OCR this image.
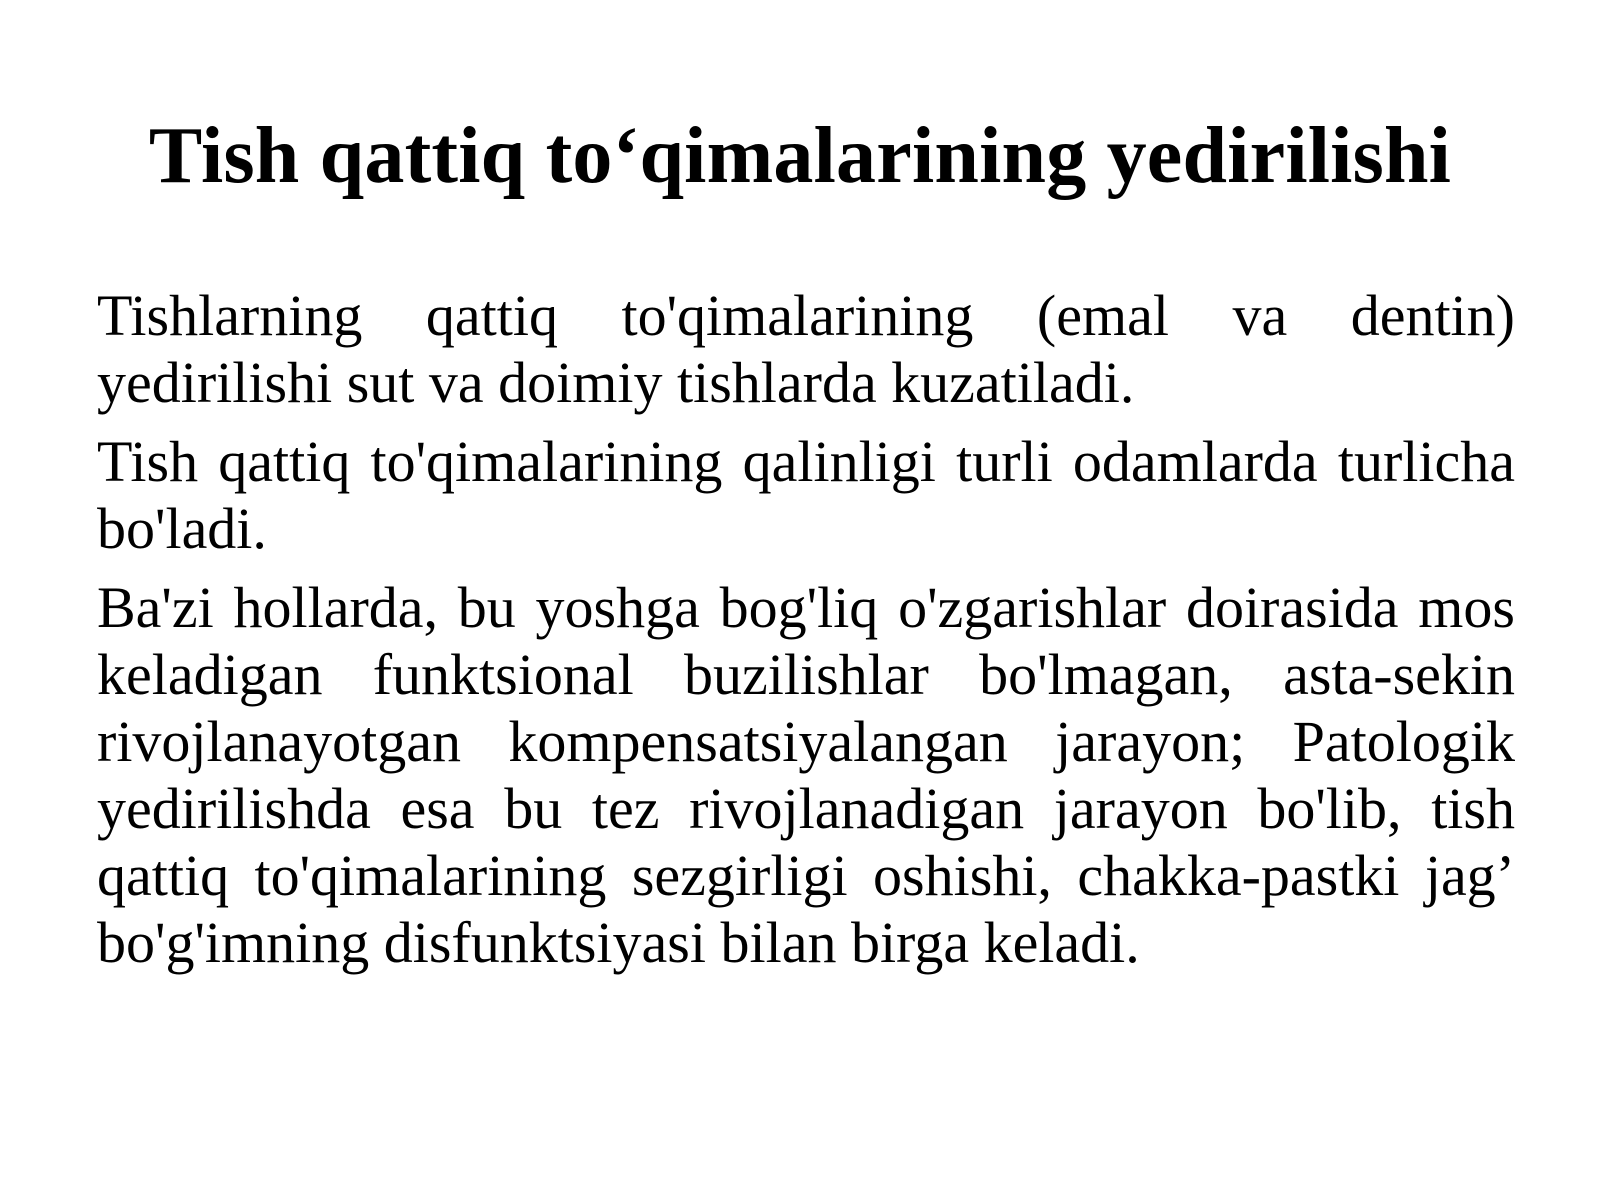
Tish qattiq to‘qimalarining yedirilishi

Tishlarning qattiq to'qimalarining (emal va dentin) yedirilishi sut va doimiy tishlarda kuzatiladi.

Tish qattiq to'qimalarining qalinligi turli odamlarda turlicha bo'ladi.

Ba'zi hollarda, bu yoshga bog'liq o'zgarishlar doirasida mos keladigan funktsional buzilishlar bo'lmagan, asta-sekin rivojlanayotgan kompensatsiyalangan jarayon; Patologik yedirilishda esa bu tez rivojlanadigan jarayon bo'lib, tish qattiq to'qimalarining sezgirligi oshishi, chakka-pastki jag’ bo'g'imning disfunktsiyasi bilan birga keladi.
